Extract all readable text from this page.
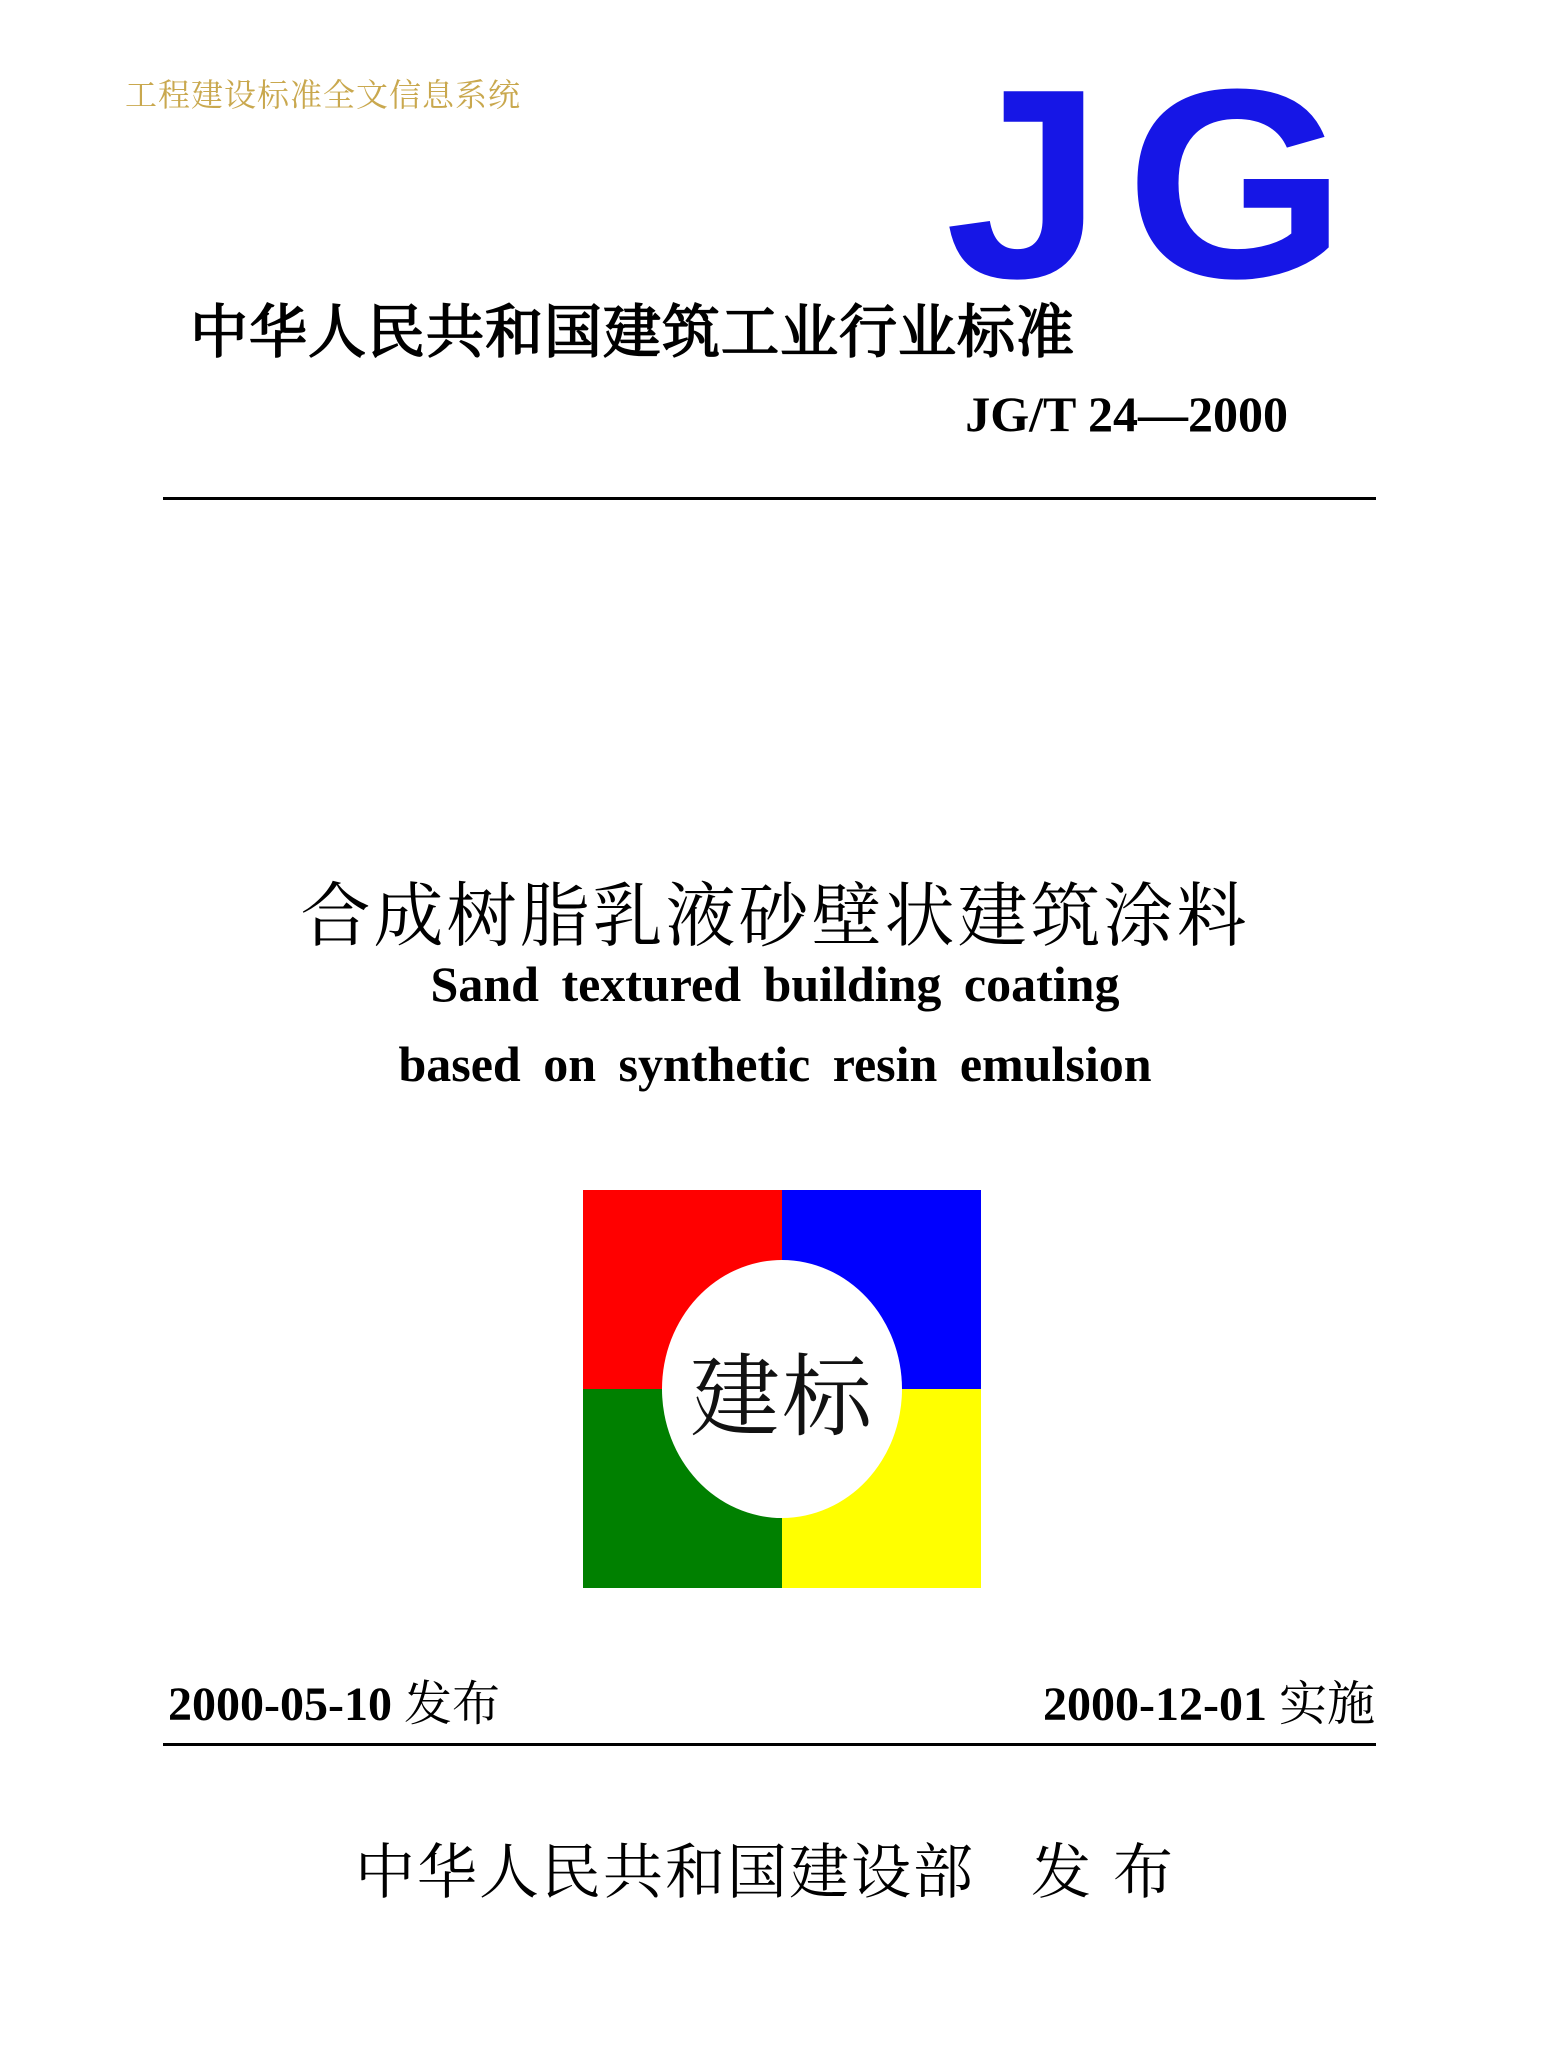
工程建设标准全文信息系统 JG
中华人民共和国建筑工业行业标准
JG/T 24—2000
合成树脂乳液砂壁状建筑涂料
Sand textured building coating
based on synthetic resin emulsion
建标
2000-05-10 发布	2000-12-01 实施
中华人民共和国建设部 发布
